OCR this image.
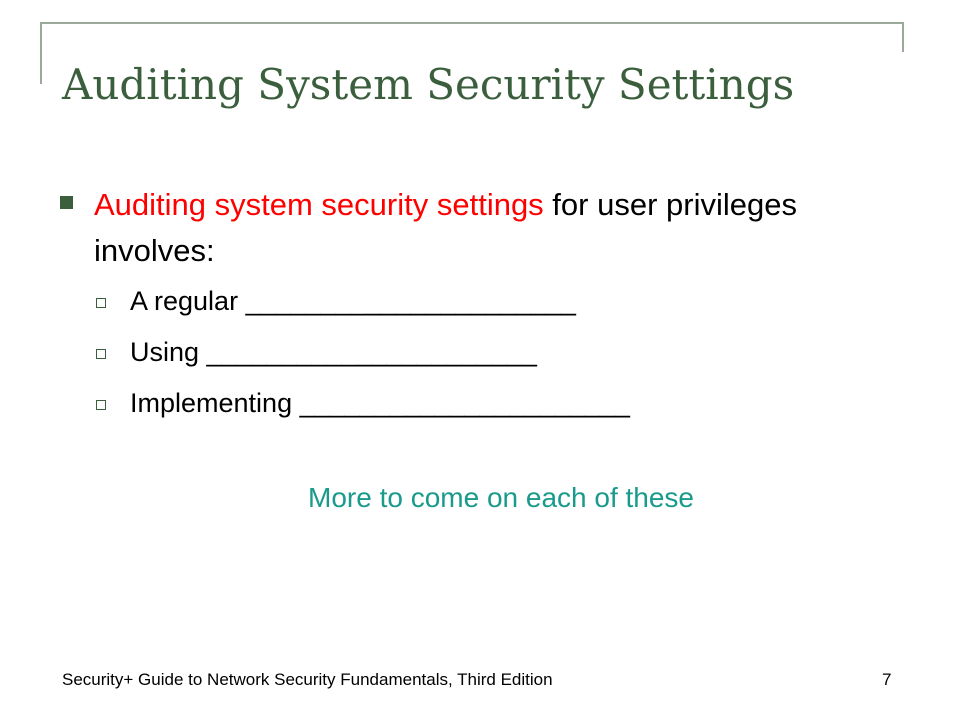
Auditing System Security Settings
Auditing system security settings for user privileges involves:
A regular ______________________
Using ______________________
Implementing ______________________
More to come on each of these
Security+ Guide to Network Security Fundamentals, Third Edition	7
